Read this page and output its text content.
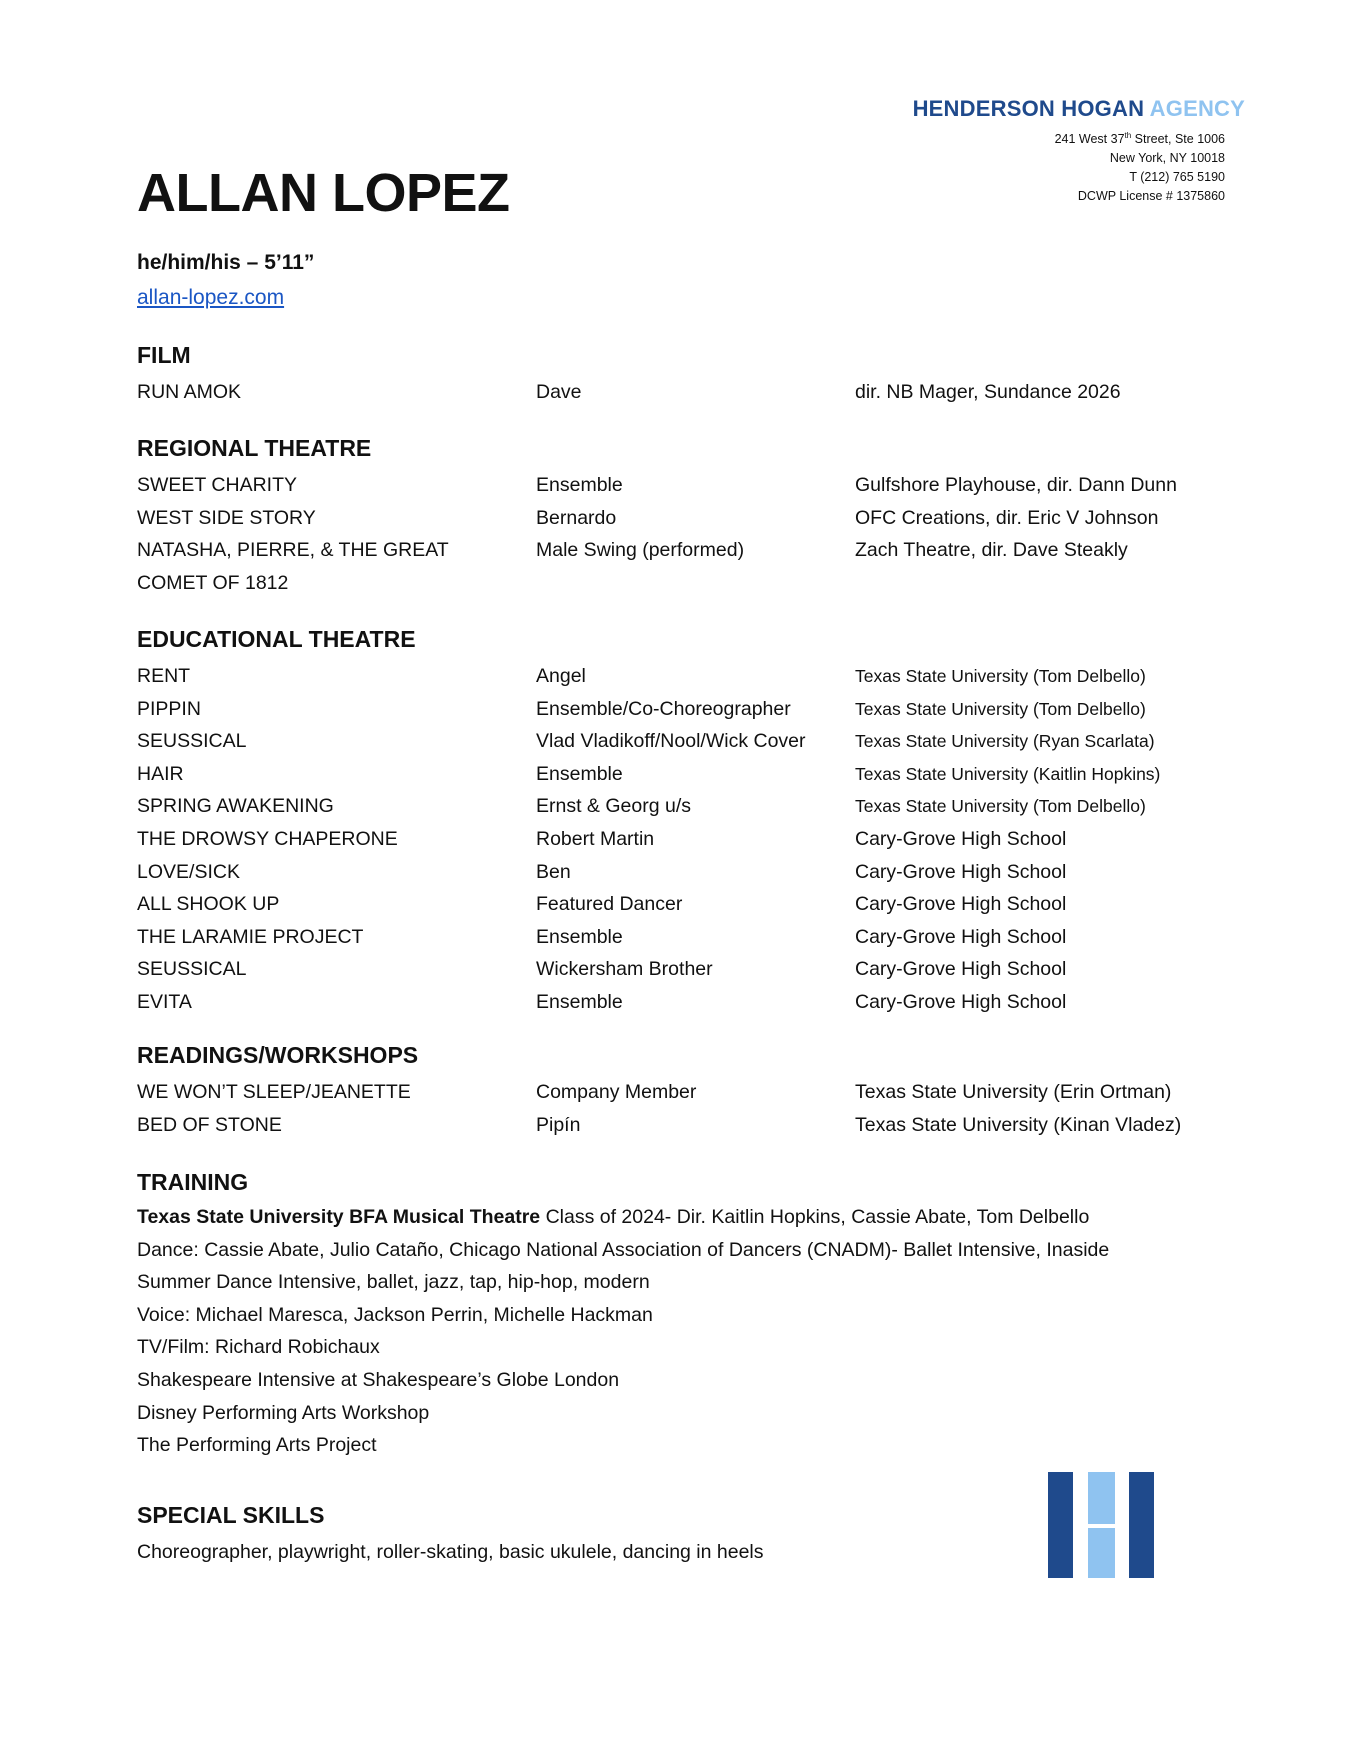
HENDERSON HOGAN AGENCY
241 West 37th Street, Ste 1006
New York, NY 10018
T (212) 765 5190
DCWP License # 1375860
ALLAN LOPEZ
he/him/his – 5’11”
allan-lopez.com
FILM
RUN AMOK	Dave	dir. NB Mager, Sundance 2026
REGIONAL THEATRE
SWEET CHARITY	Ensemble	Gulfshore Playhouse, dir. Dann Dunn
WEST SIDE STORY	Bernardo	OFC Creations, dir. Eric V Johnson
NATASHA, PIERRE, & THE GREAT	Male Swing (performed)	Zach Theatre, dir. Dave Steakly
COMET OF 1812
EDUCATIONAL THEATRE
RENT	Angel	Texas State University (Tom Delbello)
PIPPIN	Ensemble/Co-Choreographer	Texas State University (Tom Delbello)
SEUSSICAL	Vlad Vladikoff/Nool/Wick Cover	Texas State University (Ryan Scarlata)
HAIR	Ensemble	Texas State University (Kaitlin Hopkins)
SPRING AWAKENING	Ernst & Georg u/s	Texas State University (Tom Delbello)
THE DROWSY CHAPERONE	Robert Martin	Cary-Grove High School
LOVE/SICK	Ben	Cary-Grove High School
ALL SHOOK UP	Featured Dancer	Cary-Grove High School
THE LARAMIE PROJECT	Ensemble	Cary-Grove High School
SEUSSICAL	Wickersham Brother	Cary-Grove High School
EVITA	Ensemble	Cary-Grove High School
READINGS/WORKSHOPS
WE WON’T SLEEP/JEANETTE	Company Member	Texas State University (Erin Ortman)
BED OF STONE	Pipín	Texas State University (Kinan Vladez)
TRAINING
Texas State University BFA Musical Theatre Class of 2024- Dir. Kaitlin Hopkins, Cassie Abate, Tom Delbello
Dance: Cassie Abate, Julio Cataño, Chicago National Association of Dancers (CNADM)- Ballet Intensive, Inaside
Summer Dance Intensive, ballet, jazz, tap, hip-hop, modern
Voice: Michael Maresca, Jackson Perrin, Michelle Hackman
TV/Film: Richard Robichaux
Shakespeare Intensive at Shakespeare’s Globe London
Disney Performing Arts Workshop
The Performing Arts Project
SPECIAL SKILLS
Choreographer, playwright, roller-skating, basic ukulele, dancing in heels
